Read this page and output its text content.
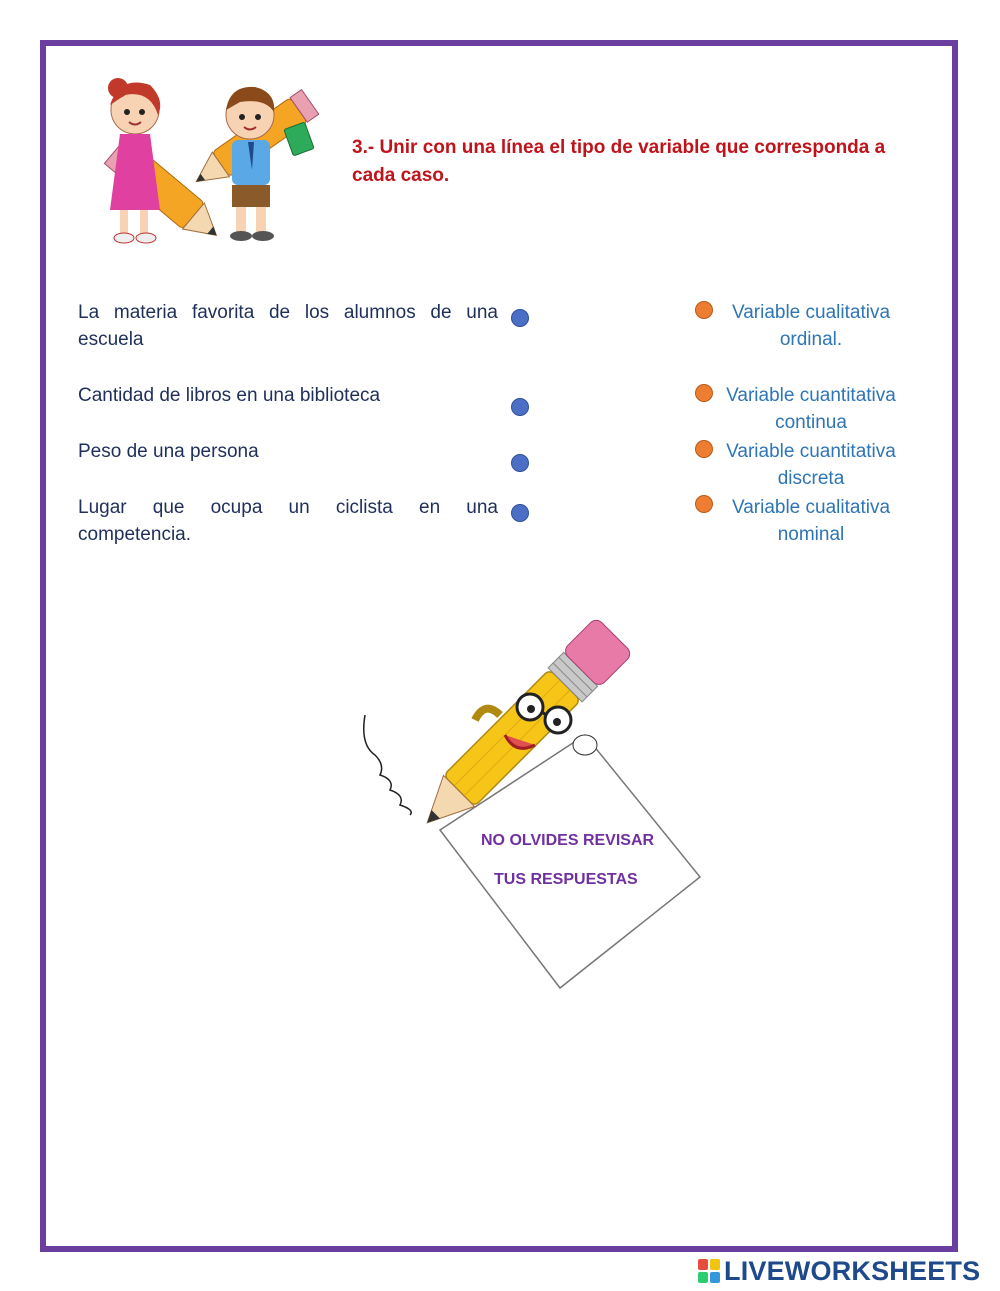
3.- Unir con una línea el tipo de variable que corresponda a cada caso.
La materia favorita de los alumnos de una
escuela
Cantidad de libros en una biblioteca
Peso de una persona
Lugar que ocupa un ciclista en una
competencia.
Variable cualitativa
ordinal.
Variable cuantitativa
continua
Variable cuantitativa
discreta
Variable cualitativa
nominal
NO OLVIDES REVISAR
TUS RESPUESTAS
LIVEWORKSHEETS
